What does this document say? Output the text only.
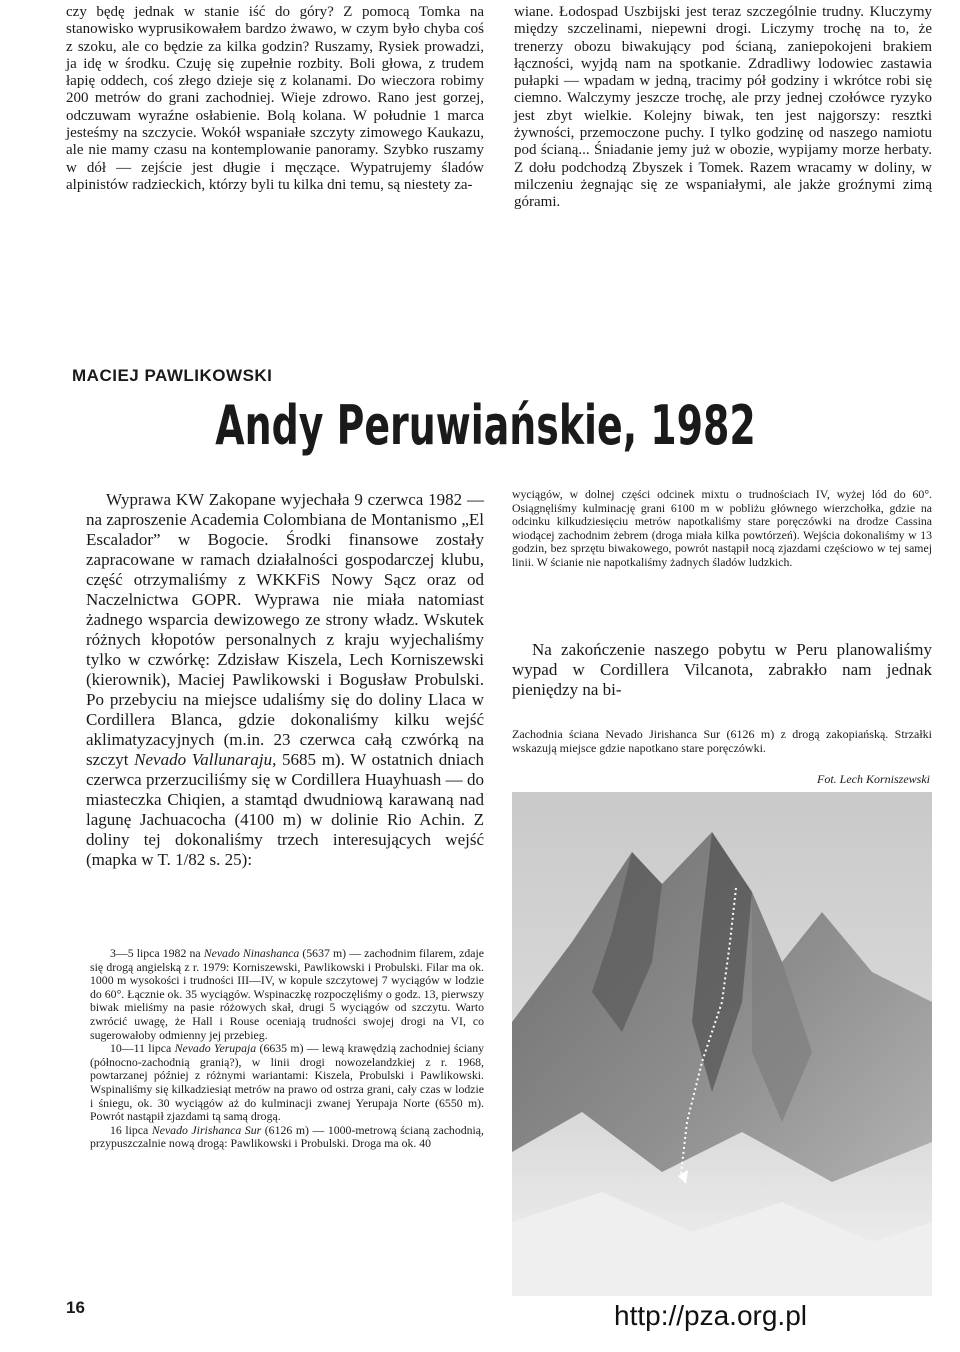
czy będę jednak w stanie iść do góry? Z pomocą Tomka na stanowisko wyprusikowałem bardzo żwawo, w czym było chyba coś z szoku, ale co będzie za kilka godzin? Ruszamy, Rysiek prowadzi, ja idę w środku. Czuję się zupełnie rozbity. Boli głowa, z trudem łapię oddech, coś złego dzieje się z kolanami. Do wieczora robimy 200 metrów do grani zachodniej. Wieje zdrowo. Rano jest gorzej, odczuwam wyraźne osłabienie. Bolą kolana. W południe 1 marca jesteśmy na szczycie. Wokół wspaniałe szczyty zimowego Kaukazu, ale nie mamy czasu na kontemplowanie panoramy. Szybko ruszamy w dół — zejście jest długie i męczące. Wypatrujemy śladów alpinistów radzieckich, którzy byli tu kilka dni temu, są niestety za-

wiane. Łodospad Uszbijski jest teraz szczególnie trudny. Kluczymy między szczelinami, niepewni drogi. Liczymy trochę na to, że trenerzy obozu biwakujący pod ścianą, zaniepokojeni brakiem łączności, wyjdą nam na spotkanie. Zdradliwy lodowiec zastawia pułapki — wpadam w jedną, tracimy pół godziny i wkrótce robi się ciemno. Walczymy jeszcze trochę, ale przy jednej czołówce ryzyko jest zbyt wielkie. Kolejny biwak, ten jest najgorszy: resztki żywności, przemoczone puchy. I tylko godzinę od naszego namiotu pod ścianą... Śniadanie jemy już w obozie, wypijamy morze herbaty. Z dołu podchodzą Zbyszek i Tomek. Razem wracamy w doliny, w milczeniu żegnając się ze wspaniałymi, ale jakże groźnymi zimą górami.

MACIEJ PAWLIKOWSKI
Andy Peruwiańskie, 1982

Wyprawa KW Zakopane wyjechała 9 czerwca 1982 — na zaproszenie Academia Colombiana de Montanismo „El Escalador” w Bogocie. Środki finansowe zostały zapracowane w ramach działalności gospodarczej klubu, część otrzymaliśmy z WKKFiS Nowy Sącz oraz od Naczelnictwa GOPR. Wyprawa nie miała natomiast żadnego wsparcia dewizowego ze strony władz. Wskutek różnych kłopotów personalnych z kraju wyjechaliśmy tylko w czwórkę: Zdzisław Kiszela, Lech Korniszewski (kierownik), Maciej Pawlikowski i Bogusław Probulski. Po przebyciu na miejsce udaliśmy się do doliny Llaca w Cordillera Blanca, gdzie dokonaliśmy kilku wejść aklimatyzacyjnych (m.in. 23 czerwca całą czwórką na szczyt Nevado Vallunaraju, 5685 m). W ostatnich dniach czerwca przerzuciliśmy się w Cordillera Huayhuash — do miasteczka Chiqien, a stamtąd dwudniową karawaną nad lagunę Jachuacocha (4100 m) w dolinie Rio Achin. Z doliny tej dokonaliśmy trzech interesujących wejść (mapka w T. 1/82 s. 25):

3—5 lipca 1982 na Nevado Ninashanca (5637 m) — zachodnim filarem, zdaje się drogą angielską z r. 1979: Korniszewski, Pawlikowski i Probulski. Filar ma ok. 1000 m wysokości i trudności III—IV, w kopule szczytowej 7 wyciągów w lodzie do 60°. Łącznie ok. 35 wyciągów. Wspinaczkę rozpoczęliśmy o godz. 13, pierwszy biwak mieliśmy na pasie różowych skał, drugi 5 wyciągów od szczytu. Warto zwrócić uwagę, że Hall i Rouse oceniają trudności swojej drogi na VI, co sugerowałoby odmienny jej przebieg.

10—11 lipca Nevado Yerupaja (6635 m) — lewą krawędzią zachodniej ściany (północno-zachodnią granią?), w linii drogi nowozelandzkiej z r. 1968, powtarzanej później z różnymi wariantami: Kiszela, Probulski i Pawlikowski. Wspinaliśmy się kilkadziesiąt metrów na prawo od ostrza grani, cały czas w lodzie i śniegu, ok. 30 wyciągów aż do kulminacji zwanej Yerupaja Norte (6550 m). Powrót nastąpił zjazdami tą samą drogą.

16 lipca Nevado Jirishanca Sur (6126 m) — 1000-metrową ścianą zachodnią, przypuszczalnie nową drogą: Pawlikowski i Probulski. Droga ma ok. 40

wyciągów, w dolnej części odcinek mixtu o trudnościach IV, wyżej lód do 60°. Osiągnęliśmy kulminację grani 6100 m w pobliżu głównego wierzchołka, gdzie na odcinku kilkudziesięciu metrów napotkaliśmy stare poręczówki na drodze Cassina wiodącej zachodnim żebrem (droga miała kilka powtórzeń). Wejścia dokonaliśmy w 13 godzin, bez sprzętu biwakowego, powrót nastąpił nocą zjazdami częściowo w tej samej linii. W ścianie nie napotkaliśmy żadnych śladów ludzkich.

Na zakończenie naszego pobytu w Peru planowaliśmy wypad w Cordillera Vilcanota, zabrakło nam jednak pieniędzy na bi-

Zachodnia ściana Nevado Jirishanca Sur (6126 m) z drogą zakopiańską. Strzałki wskazują miejsce gdzie napotkano stare poręczówki.

Fot. Lech Korniszewski
16	http://pza.org.pl
